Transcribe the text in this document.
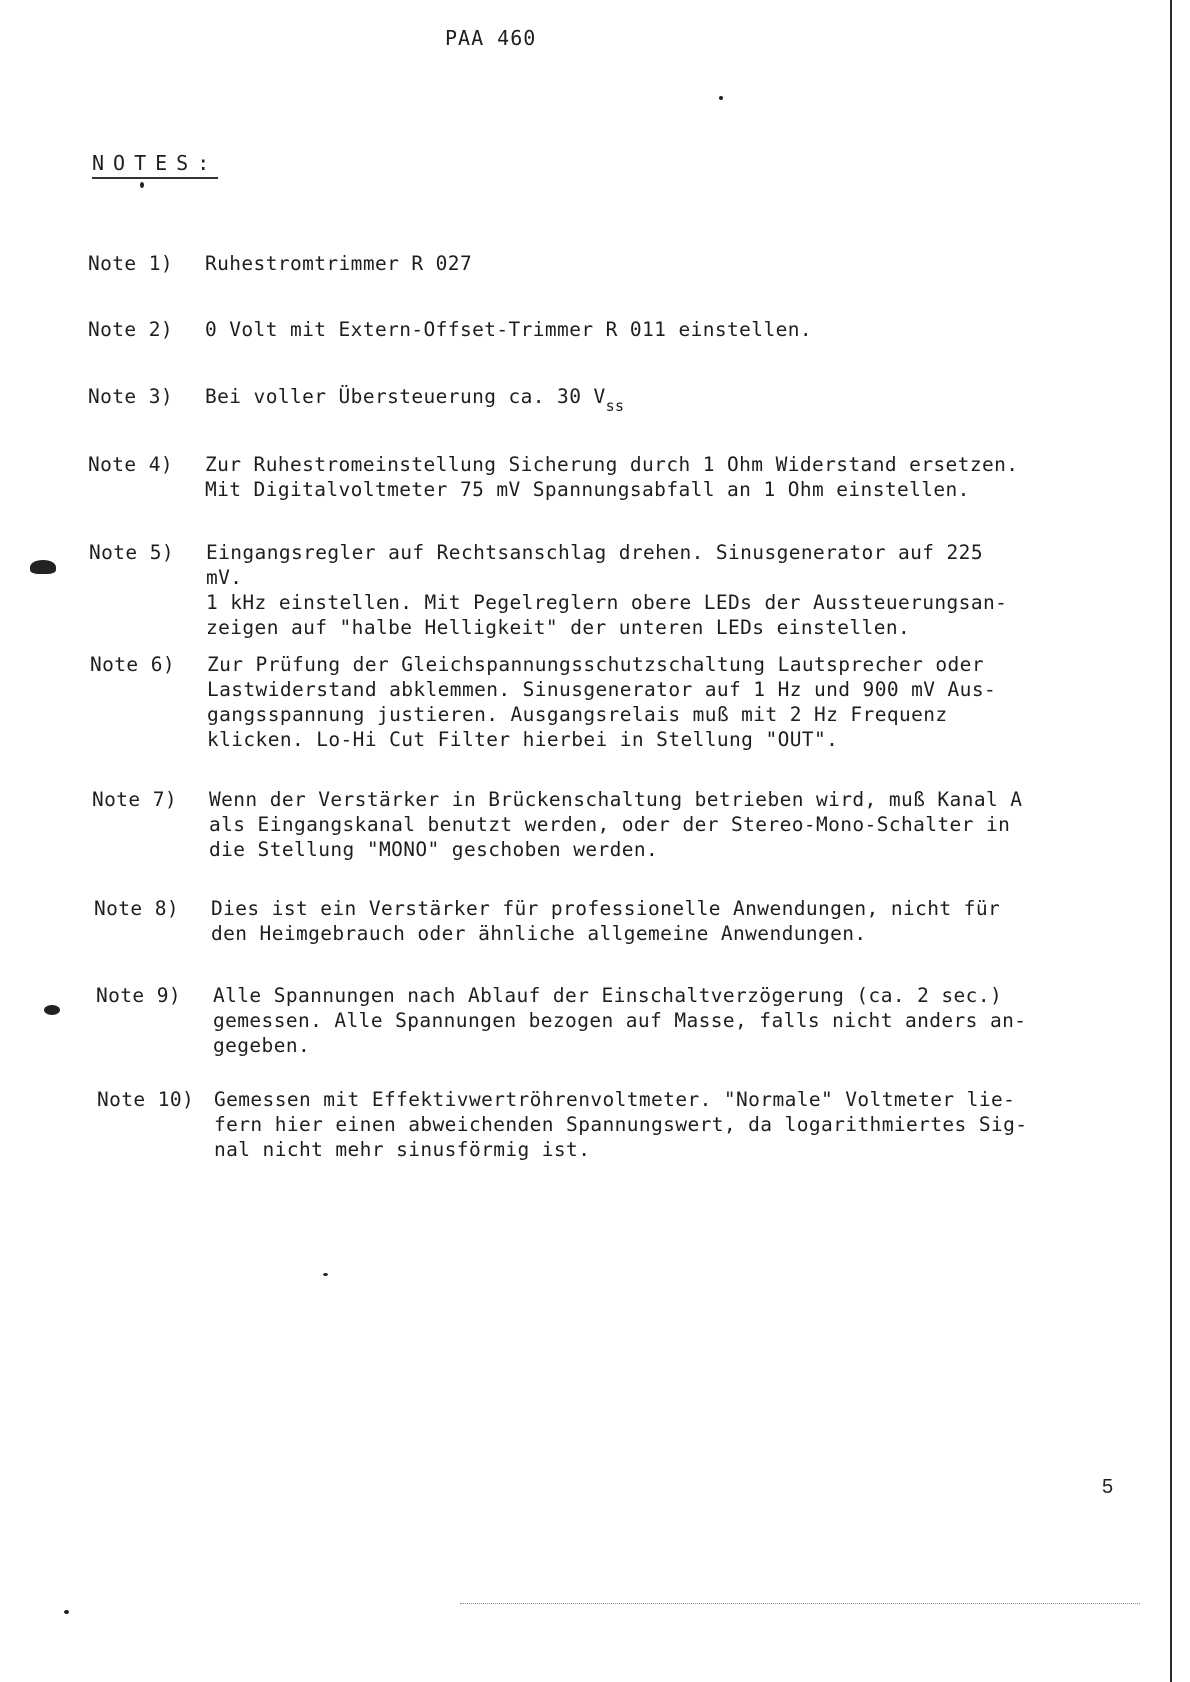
PAA 460
NOTES:
Note 1) Ruhestromtrimmer R 027
Note 2) 0 Volt mit Extern-Offset-Trimmer R 011 einstellen.
Note 3) Bei voller Übersteuerung ca. 30 $V_{ss}$
Note 4) Zur Ruhestromeinstellung Sicherung durch 1 Ohm Widerstand ersetzen.
Mit Digitalvoltmeter 75 mV Spannungsabfall an 1 Ohm einstellen.
Note 5) Eingangsregler auf Rechtsanschlag drehen. Sinusgenerator auf 225 mV.
1 kHz einstellen. Mit Pegelreglern obere LEDs der Aussteuerungsan-
zeigen auf "halbe Helligkeit" der unteren LEDs einstellen.
Note 6) Zur Prüfung der Gleichspannungsschutzschaltung Lautsprecher oder
Lastwiderstand abklemmen. Sinusgenerator auf 1 Hz und 900 mV Aus-
gangsspannung justieren. Ausgangsrelais muß mit 2 Hz Frequenz
klicken. Lo-Hi Cut Filter hierbei in Stellung "OUT".
Note 7) Wenn der Verstärker in Brückenschaltung betrieben wird, muß Kanal A
als Eingangskanal benutzt werden, oder der Stereo-Mono-Schalter in
die Stellung "MONO" geschoben werden.
Note 8) Dies ist ein Verstärker für professionelle Anwendungen, nicht für
den Heimgebrauch oder ähnliche allgemeine Anwendungen.
Note 9) Alle Spannungen nach Ablauf der Einschaltverzögerung (ca. 2 sec.)
gemessen. Alle Spannungen bezogen auf Masse, falls nicht anders an-
gegeben.
Note 10) Gemessen mit Effektivwertröhrenvoltmeter. "Normale" Voltmeter lie-
fern hier einen abweichenden Spannungswert, da logarithmiertes Sig-
nal nicht mehr sinusförmig ist.
5
